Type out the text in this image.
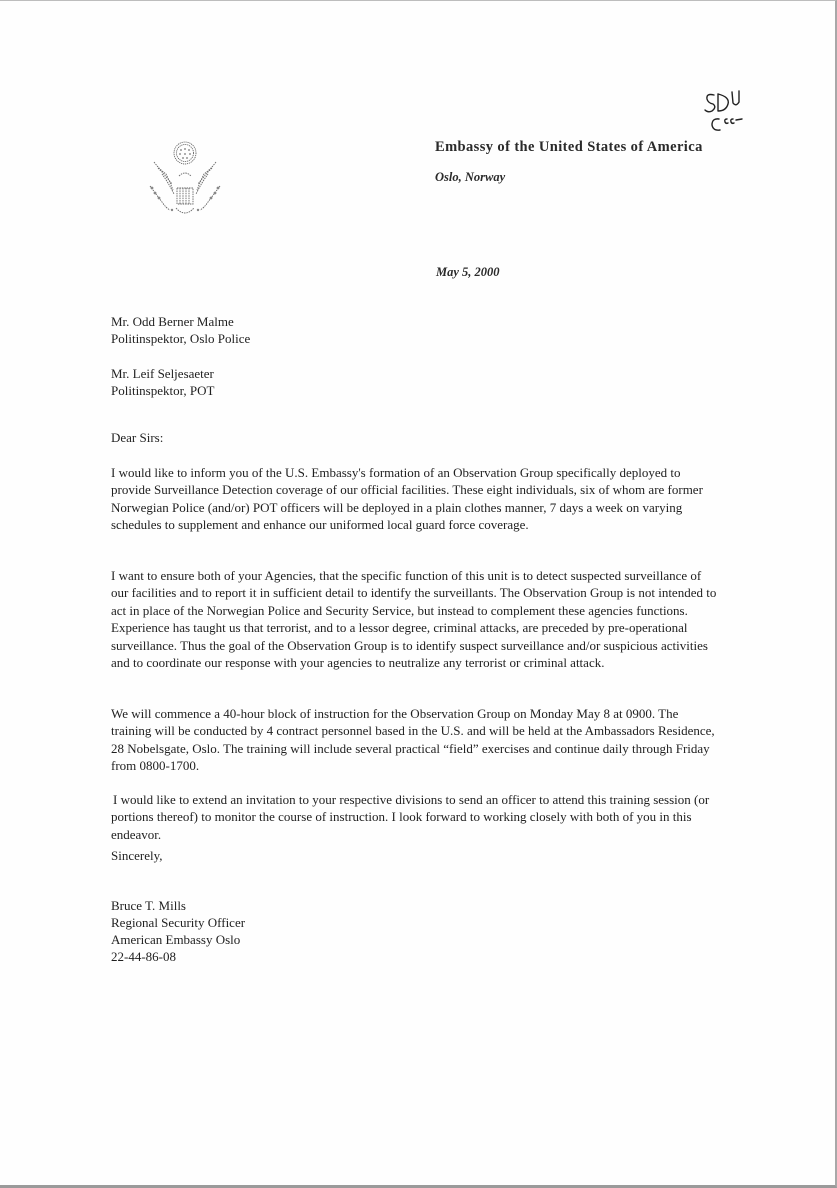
Embassy of the United States of America
Oslo, Norway
May 5, 2000

Mr. Odd Berner Malme

Politinspektor, Oslo Police

Mr. Leif Seljesaeter

Politinspektor, POT

Dear Sirs:

I would like to inform you of the U.S. Embassy's formation of an Observation Group specifically deployed to provide Surveillance Detection coverage of our official facilities. These eight individuals, six of whom are former Norwegian Police (and/or) POT officers will be deployed in a plain clothes manner, 7 days a week on varying schedules to supplement and enhance our uniformed local guard force coverage.

I want to ensure both of your Agencies, that the specific function of this unit is to detect suspected surveillance of our facilities and to report it in sufficient detail to identify the surveillants. The Observation Group is not intended to act in place of the Norwegian Police and Security Service, but instead to complement these agencies functions. Experience has taught us that terrorist, and to a lessor degree, criminal attacks, are preceded by pre-operational surveillance. Thus the goal of the Observation Group is to identify suspect surveillance and/or suspicious activities and to coordinate our response with your agencies to neutralize any terrorist or criminal attack.

We will commence a 40-hour block of instruction for the Observation Group on Monday May 8 at 0900. The training will be conducted by 4 contract personnel based in the U.S. and will be held at the Ambassadors Residence, 28 Nobelsgate, Oslo. The training will include several practical “field” exercises and continue daily through Friday from 0800-1700.

I would like to extend an invitation to your respective divisions to send an officer to attend this training session (or portions thereof) to monitor the course of instruction. I look forward to working closely with both of you in this endeavor.

Sincerely,

Bruce T. Mills

Regional Security Officer

American Embassy Oslo

22-44-86-08
